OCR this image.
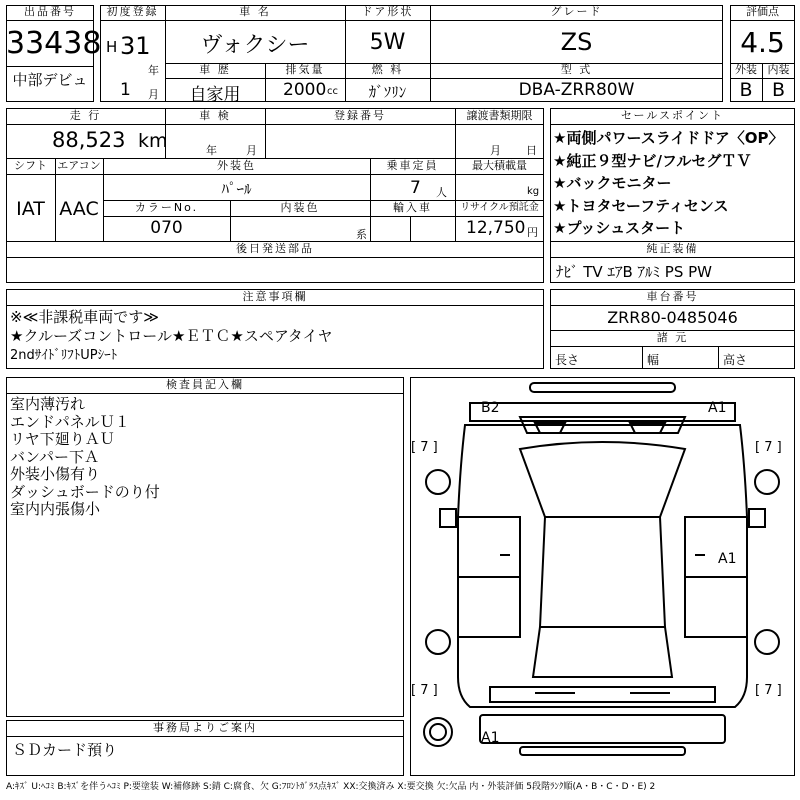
出品番号
33438
中部デビュ
初度登録
H 31
年
1 月
車 名
ヴォクシー
車 歴
自家用
排気量
2000 cc
ドア形状
5W
燃 料
ｶﾞｿﾘﾝ
グレード
ZS
型 式
DBA-ZRR80W
評価点
4.5
外装 内装
B	B
走 行
88,523 km
車 検
年	月
登録番号	譲渡書類期限
月 日
シフト
IAT
エアコン
AAC
外装色
ﾊﾟｰﾙ
乗車定員
7 人
最大積載量
kg
カラーNo.
070
内装色
系
輸入車	リサイクル預託金
12,750 円
後日発送部品
セールスポイント
★両側パワースライドドア〈OP〉
★純正９型ナビ/フルセグＴＶ
★バックモニター
★トヨタセーフティセンス
★プッシュスタート
純正装備
ﾅﾋﾞ TV ｴｱB ｱﾙﾐ PS PW
注意事項欄
※≪非課税車両です≫
★クルーズコントロール★ＥＴＣ★スペアタイヤ
2ndｻｲﾄﾞﾘﾌﾄUPｼｰﾄ
車台番号
ZRR80-0485046
諸 元
長さ	幅	高さ
検査員記入欄
室内薄汚れ
エンドパネルＵ１
リヤ下廻りＡＵ
バンパー下Ａ
外装小傷有り
ダッシュボードのり付
室内内張傷小
事務局よりご案内
ＳＤカード預り
B2	A1
A1
A1
[ 7 ]	[ 7 ]
[ 7 ]	[ 7 ]
A:ｷｽﾞ U:ﾍｺﾐ B:ｷｽﾞを伴うﾍｺﾐ P:要塗装 W:補修跡 S:錆 C:腐食、欠 G:ﾌﾛﾝﾄｶﾞﾗｽ点ｷｽﾞ XX:交換済み X:要交換 欠:欠品 内・外装評価 5段階ﾗﾝｸ順(A・B・C・D・E) 2
